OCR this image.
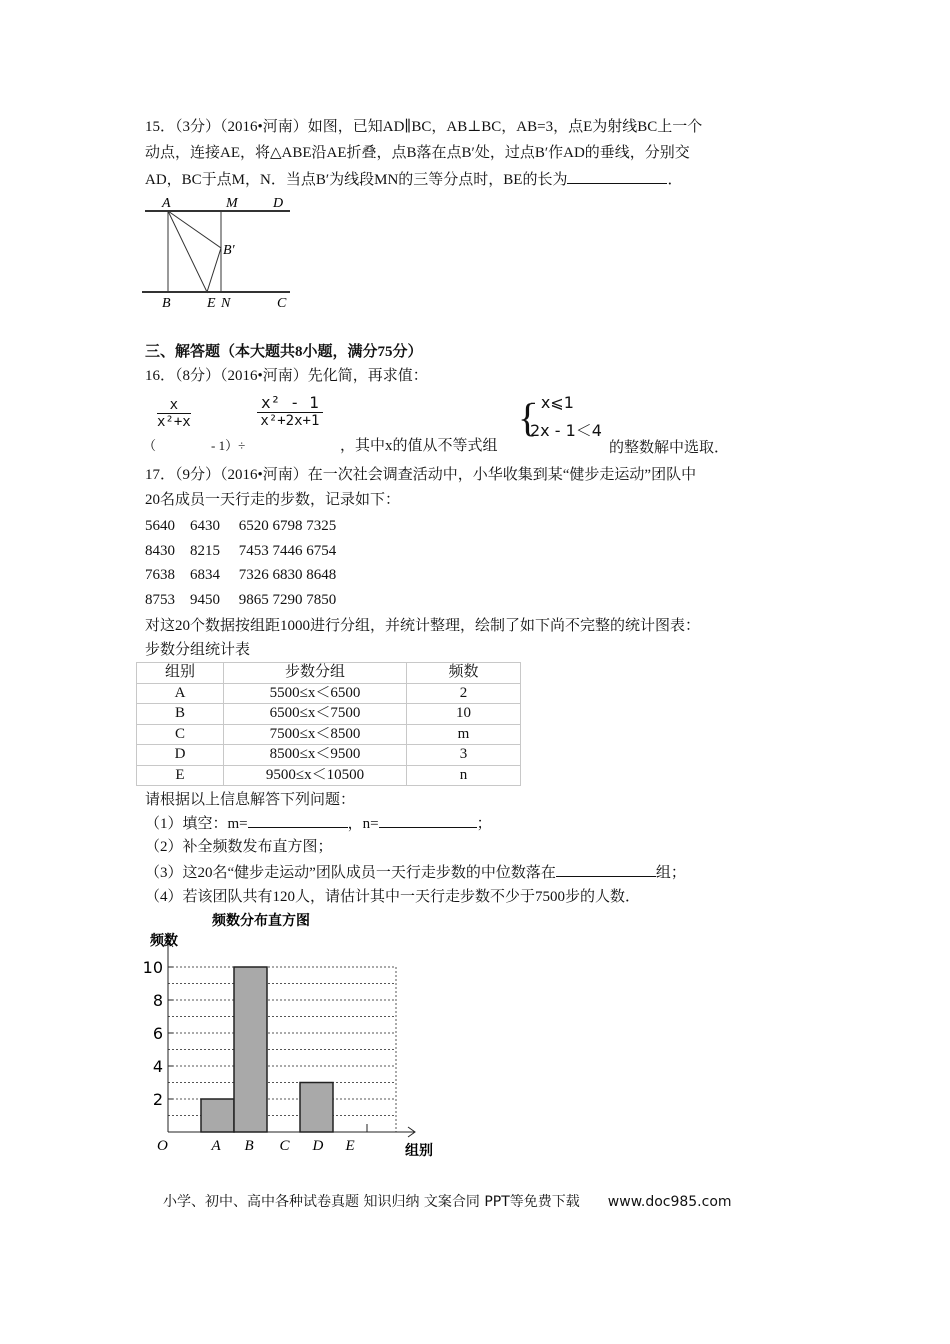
15．（3分）（2016•河南）如图，已知AD∥BC，AB⊥BC，AB=3，点E为射线BC上一个
动点，连接AE，将△ABE沿AE折叠，点B落在点B′处，过点B′作AD的垂线，分别交
AD，BC于点M，N．当点B′为线段MN的三等分点时，BE的长为	．
A	M	D
B′
B	E N	C
三、解答题（本大题共8小题，满分75分）
16．（8分）（2016•河南）先化简，再求值：
$\frac{x}{\text{x²+x}}$	$\frac{\text{x² - 1}}{\text{x²+2x+1}}$
（	- 1）÷	，其中x的值从不等式组
{
- x⩽1
2x - 1＜4
的整数解中选取．
17．（9分）（2016•河南）在一次社会调查活动中，小华收集到某“健步走运动”团队中
20名成员一天行走的步数，记录如下：
5640　6430　 6520 6798 7325
8430　8215　 7453 7446 6754
7638　6834　 7326 6830 8648
8753　9450　 9865 7290 7850
对这20个数据按组距1000进行分组，并统计整理，绘制了如下尚不完整的统计图表：
步数分组统计表
组别	步数分组	频数
A	5500≤x＜6500	2
B	6500≤x＜7500	10
C	7500≤x＜8500	m
D	8500≤x＜9500	3
E	9500≤x＜10500	n
请根据以上信息解答下列问题：
（1）填空：m=	，n=	；
（2）补全频数发布直方图；
（3）这20名“健步走运动”团队成员一天行走步数的中位数落在	组；
（4）若该团队共有120人，请估计其中一天行走步数不少于7500步的人数．
2
4
6
8
10
A B C D E
O
频数分布直方图
频数
组别
小学、初中、高中各种试卷真题 知识归纳 文案合同 PPT等免费下载 www.doc985.com
